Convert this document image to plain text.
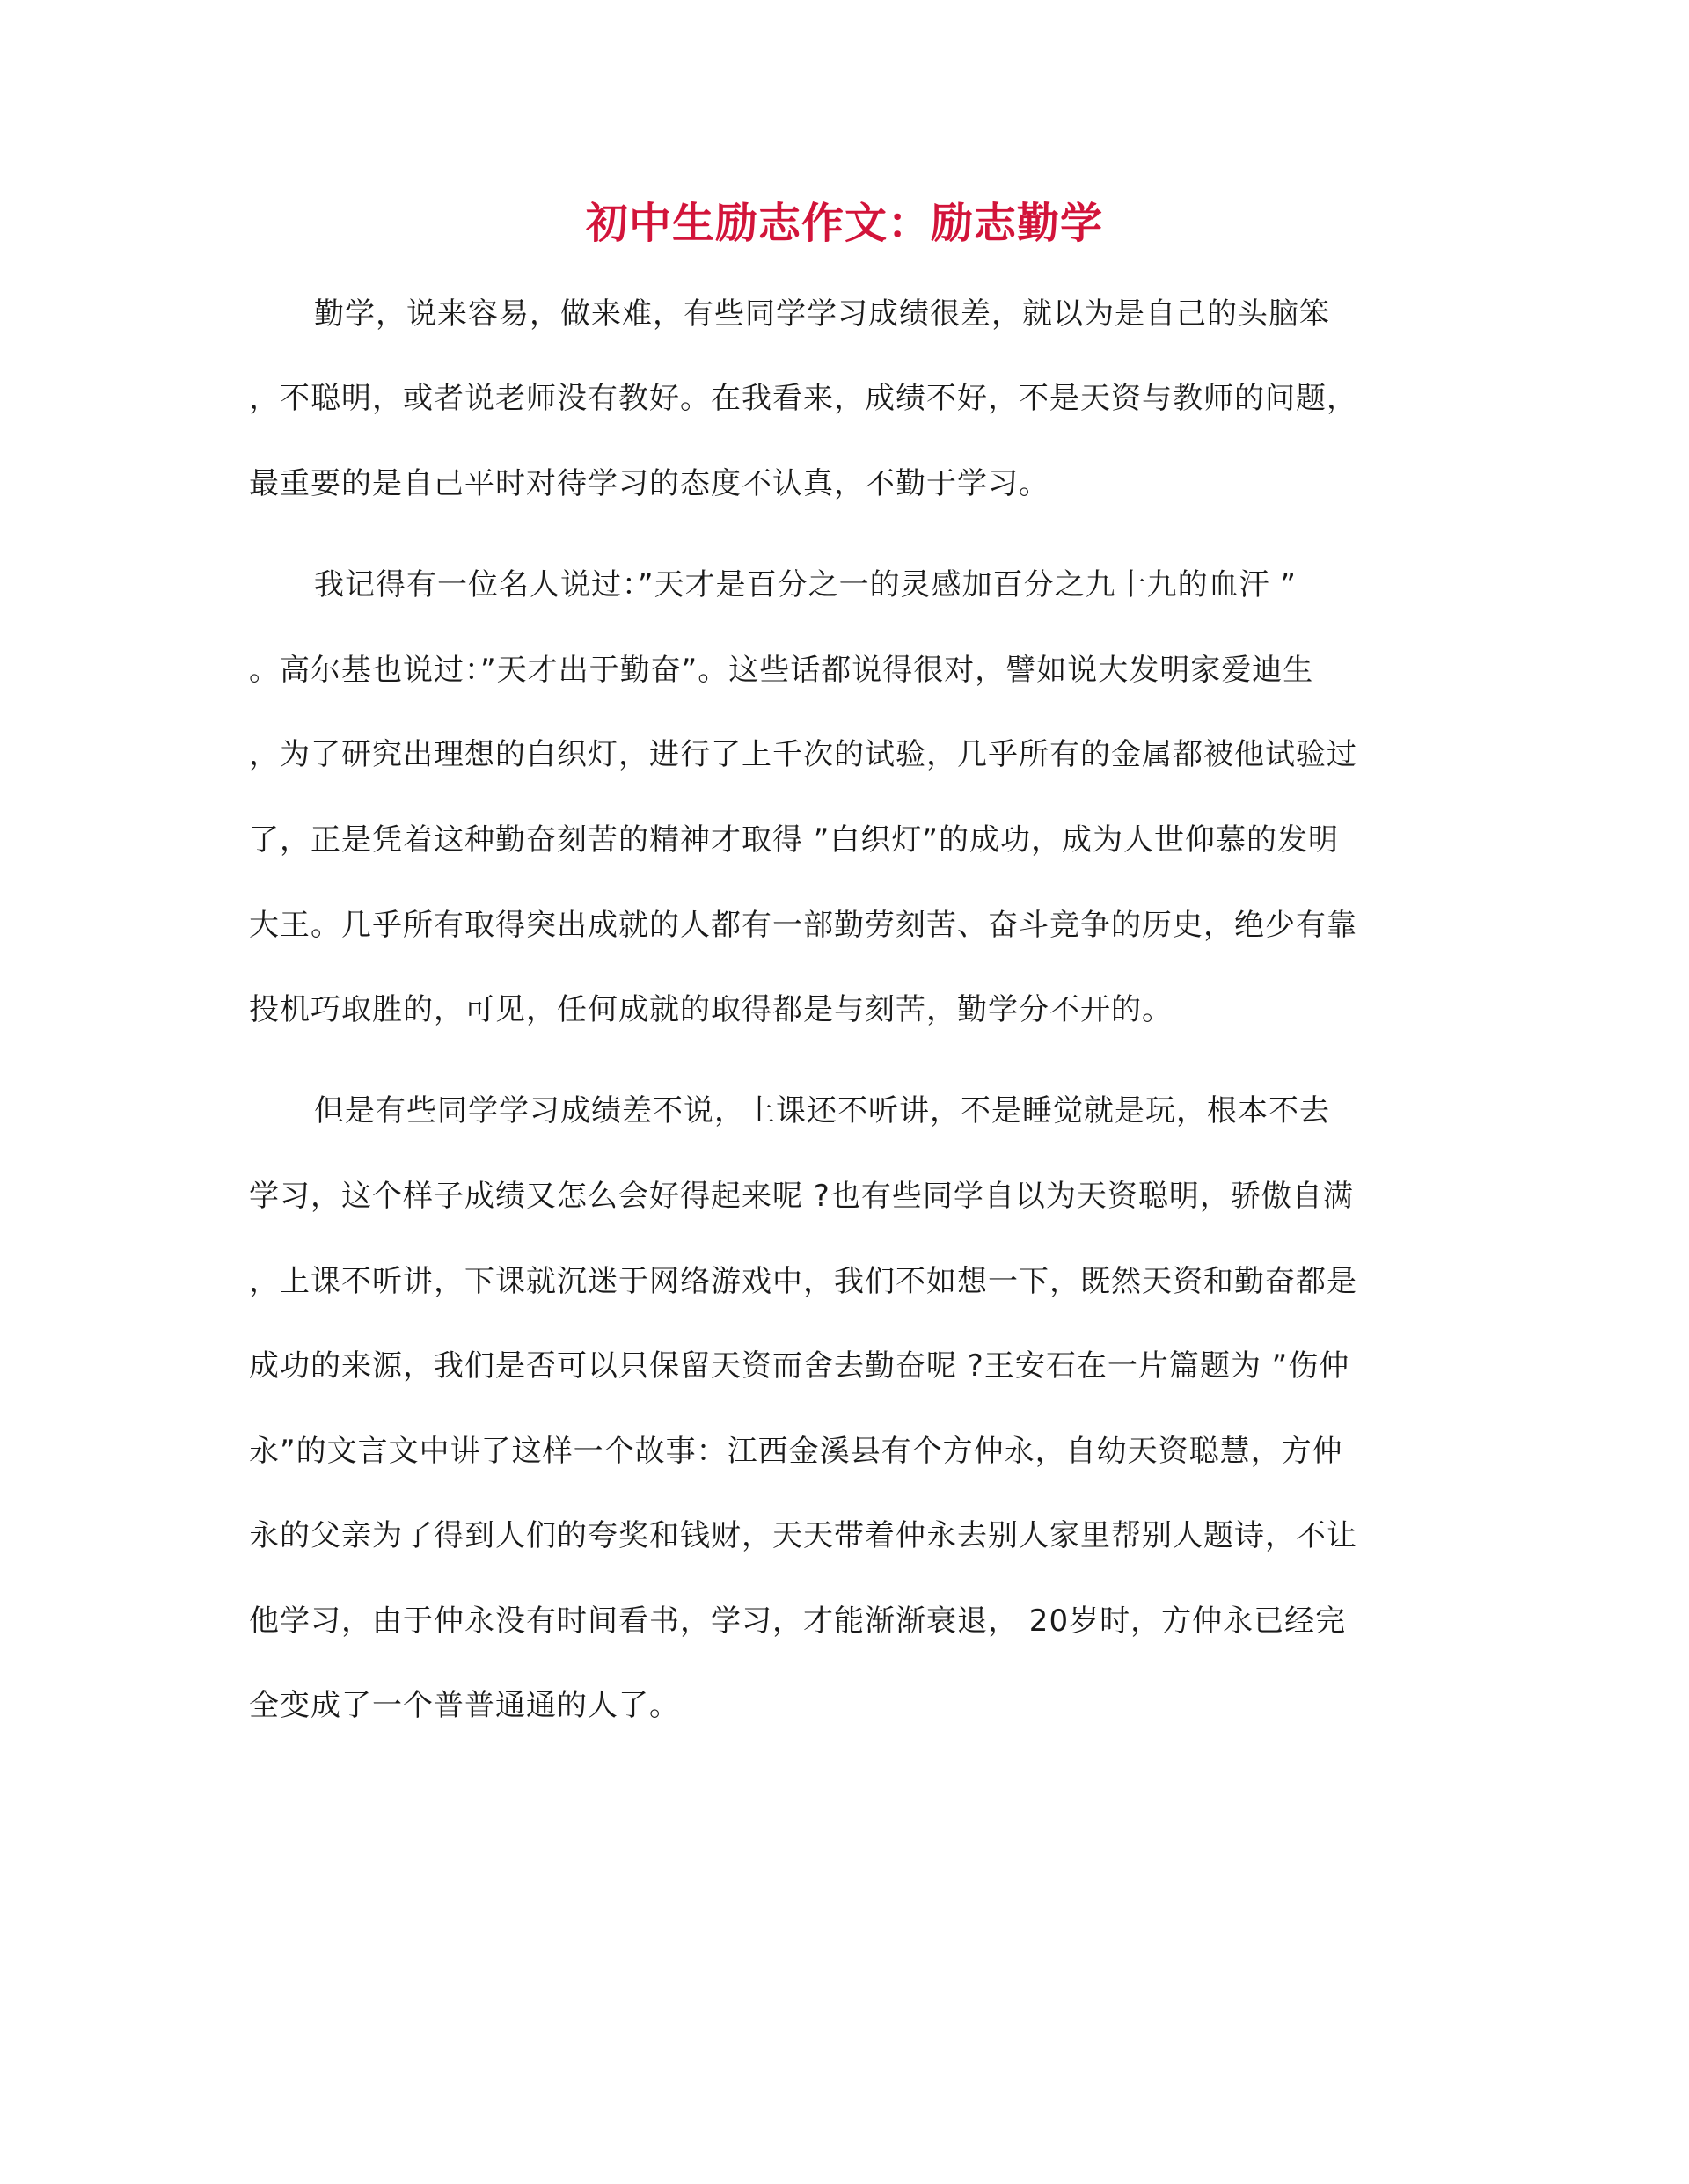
初中生励志作文：励志勤学
勤学，说来容易，做来难，有些同学学习成绩很差，就以为是自己的头脑笨
，不聪明，或者说老师没有教好。在我看来，成绩不好，不是天资与教师的问题，
最重要的是自己平时对待学习的态度不认真，不勤于学习。
我记得有一位名人说过：”天才是百分之一的灵感加百分之九十九的血汗 ”
。高尔基也说过：”天才出于勤奋”。这些话都说得很对，譬如说大发明家爱迪生
，为了研究出理想的白织灯，进行了上千次的试验，几乎所有的金属都被他试验过
了，正是凭着这种勤奋刻苦的精神才取得 ”白织灯”的成功，成为人世仰慕的发明
大王。几乎所有取得突出成就的人都有一部勤劳刻苦、奋斗竞争的历史，绝少有靠
投机巧取胜的，可见，任何成就的取得都是与刻苦，勤学分不开的。
但是有些同学学习成绩差不说，上课还不听讲，不是睡觉就是玩，根本不去
学习，这个样子成绩又怎么会好得起来呢 ?也有些同学自以为天资聪明，骄傲自满
，上课不听讲，下课就沉迷于网络游戏中，我们不如想一下，既然天资和勤奋都是
成功的来源，我们是否可以只保留天资而舍去勤奋呢 ?王安石在一片篇题为 ”伤仲
永”的文言文中讲了这样一个故事：江西金溪县有个方仲永，自幼天资聪慧，方仲
永的父亲为了得到人们的夸奖和钱财，天天带着仲永去别人家里帮别人题诗，不让
他学习，由于仲永没有时间看书，学习，才能渐渐衰退， 20岁时，方仲永已经完
全变成了一个普普通通的人了。
